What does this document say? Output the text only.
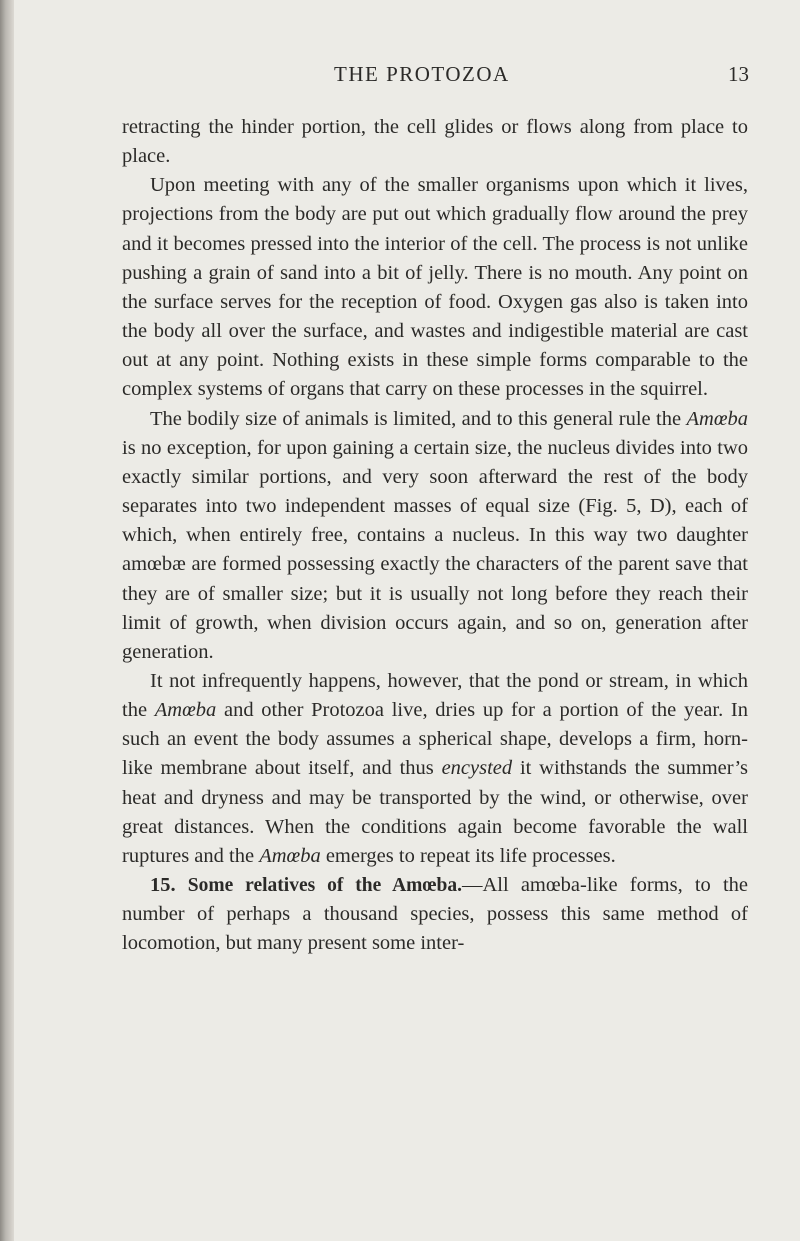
THE PROTOZOA	13

retracting the hinder portion, the cell glides or flows along from place to place.

Upon meeting with any of the smaller organisms upon which it lives, projections from the body are put out which gradually flow around the prey and it becomes pressed into the interior of the cell. The process is not unlike pushing a grain of sand into a bit of jelly. There is no mouth. Any point on the surface serves for the reception of food. Oxygen gas also is taken into the body all over the surface, and wastes and indigestible material are cast out at any point. Nothing exists in these simple forms comparable to the complex systems of organs that carry on these processes in the squirrel.

The bodily size of animals is limited, and to this general rule the Amœba is no exception, for upon gaining a certain size, the nucleus divides into two exactly similar portions, and very soon afterward the rest of the body separates into two independent masses of equal size (Fig. 5, D), each of which, when entirely free, contains a nucleus. In this way two daughter amœbæ are formed possessing exactly the characters of the parent save that they are of smaller size; but it is usually not long before they reach their limit of growth, when division occurs again, and so on, generation after generation.

It not infrequently happens, however, that the pond or stream, in which the Amœba and other Protozoa live, dries up for a portion of the year. In such an event the body assumes a spherical shape, develops a firm, horn-like membrane about itself, and thus encysted it withstands the summer’s heat and dryness and may be transported by the wind, or otherwise, over great distances. When the conditions again become favorable the wall ruptures and the Amœba emerges to repeat its life processes.

15. Some relatives of the Amœba.—All amœba-like forms, to the number of perhaps a thousand species, possess this same method of locomotion, but many present some inter-
